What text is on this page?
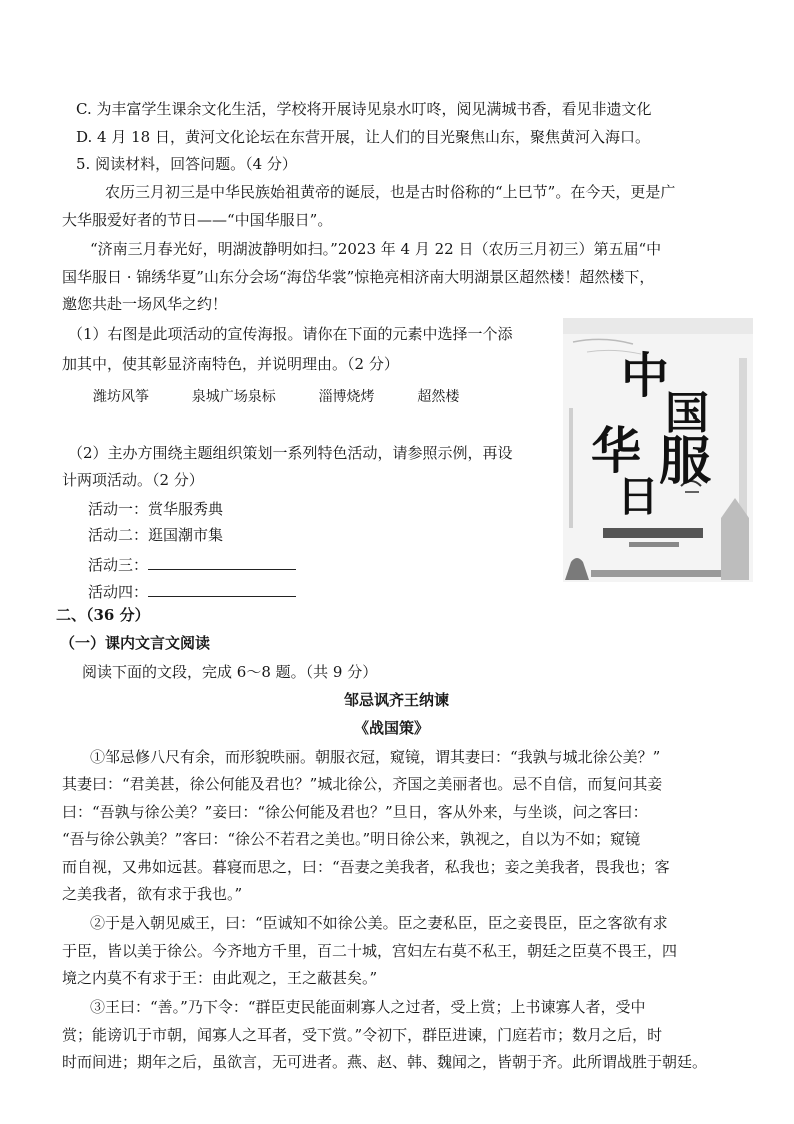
C. 为丰富学生课余文化生活，学校将开展诗见泉水叮咚，阅见满城书香，看见非遗文化
D. 4 月 18 日，黄河文化论坛在东营开展，让人们的目光聚焦山东，聚焦黄河入海口。
5. 阅读材料，回答问题。（4 分）
农历三月初三是中华民族始祖黄帝的诞辰，也是古时俗称的“上巳节”。在今天，更是广
大华服爱好者的节日——“中国华服日”。
“济南三月春光好，明湖波静明如扫。”2023 年 4 月 22 日（农历三月初三）第五届“中
国华服日 · 锦绣华夏”山东分会场“海岱华裳”惊艳亮相济南大明湖景区超然楼！超然楼下，
邀您共赴一场风华之约！
（1）右图是此项活动的宣传海报。请你在下面的元素中选择一个添
加其中，使其彰显济南特色，并说明理由。（2 分）
潍坊风筝	泉城广场泉标	淄博烧烤	超然楼
（2）主办方围绕主题组织策划一系列特色活动，请参照示例，再设
计两项活动。（2 分）
活动一：赏华服秀典
活动二：逛国潮市集
活动三：
活动四：
二、（36 分）
（一）课内文言文阅读
阅读下面的文段，完成 6～8 题。（共 9 分）
邹忌讽齐王纳谏
《战国策》
①邹忌修八尺有余，而形貌昳丽。朝服衣冠，窥镜，谓其妻曰：“我孰与城北徐公美？”
其妻曰：“君美甚，徐公何能及君也？”城北徐公，齐国之美丽者也。忌不自信，而复问其妾
曰：“吾孰与徐公美？”妾曰：“徐公何能及君也？”旦日，客从外来，与坐谈，问之客曰：
“吾与徐公孰美？”客曰：“徐公不若君之美也。”明日徐公来，孰视之，自以为不如；窥镜
而自视，又弗如远甚。暮寝而思之，曰：“吾妻之美我者，私我也；妾之美我者，畏我也；客
之美我者，欲有求于我也。”
②于是入朝见威王，曰：“臣诚知不如徐公美。臣之妻私臣，臣之妾畏臣，臣之客欲有求
于臣，皆以美于徐公。今齐地方千里，百二十城，宫妇左右莫不私王，朝廷之臣莫不畏王，四
境之内莫不有求于王：由此观之，王之蔽甚矣。”
③王曰：“善。”乃下令：“群臣吏民能面刺寡人之过者，受上赏；上书谏寡人者，受中
赏；能谤讥于市朝，闻寡人之耳者，受下赏。”令初下，群臣进谏，门庭若市；数月之后，时
时而间进；期年之后，虽欲言，无可进者。燕、赵、韩、魏闻之，皆朝于齐。此所谓战胜于朝廷。
中
国
华 服
日
